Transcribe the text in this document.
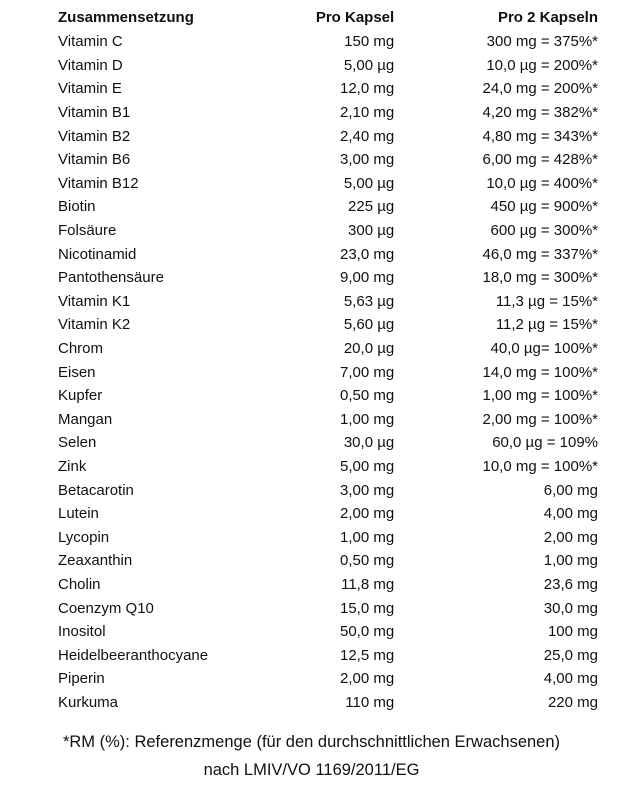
Zusammensetzung	Pro Kapsel	Pro 2 Kapseln
Vitamin C	150 mg	300 mg = 375%*
Vitamin D	5,00 µg	10,0 µg = 200%*
Vitamin E	12,0 mg	24,0 mg = 200%*
Vitamin B1	2,10 mg	4,20 mg = 382%*
Vitamin B2	2,40 mg	4,80 mg = 343%*
Vitamin B6	3,00 mg	6,00 mg = 428%*
Vitamin B12	5,00 µg	10,0 µg = 400%*
Biotin	225 µg	450 µg = 900%*
Folsäure	300 µg	600 µg = 300%*
Nicotinamid	23,0 mg	46,0 mg = 337%*
Pantothensäure	9,00 mg	18,0 mg = 300%*
Vitamin K1	5,63 µg	11,3 µg = 15%*
Vitamin K2	5,60 µg	11,2 µg = 15%*
Chrom	20,0 µg	40,0 µg= 100%*
Eisen	7,00 mg	14,0 mg = 100%*
Kupfer	0,50 mg	1,00 mg = 100%*
Mangan	1,00 mg	2,00 mg = 100%*
Selen	30,0 µg	60,0 µg = 109%
Zink	5,00 mg	10,0 mg = 100%*
Betacarotin	3,00 mg	6,00 mg
Lutein	2,00 mg	4,00 mg
Lycopin	1,00 mg	2,00 mg
Zeaxanthin	0,50 mg	1,00 mg
Cholin	11,8 mg	23,6 mg
Coenzym Q10	15,0 mg	30,0 mg
Inositol	50,0 mg	100 mg
Heidelbeeranthocyane	12,5 mg	25,0 mg
Piperin	2,00 mg	4,00 mg
Kurkuma	110 mg	220 mg
*RM (%): Referenzmenge (für den durchschnittlichen Erwachsenen)
nach LMIV/VO 1169/2011/EG
